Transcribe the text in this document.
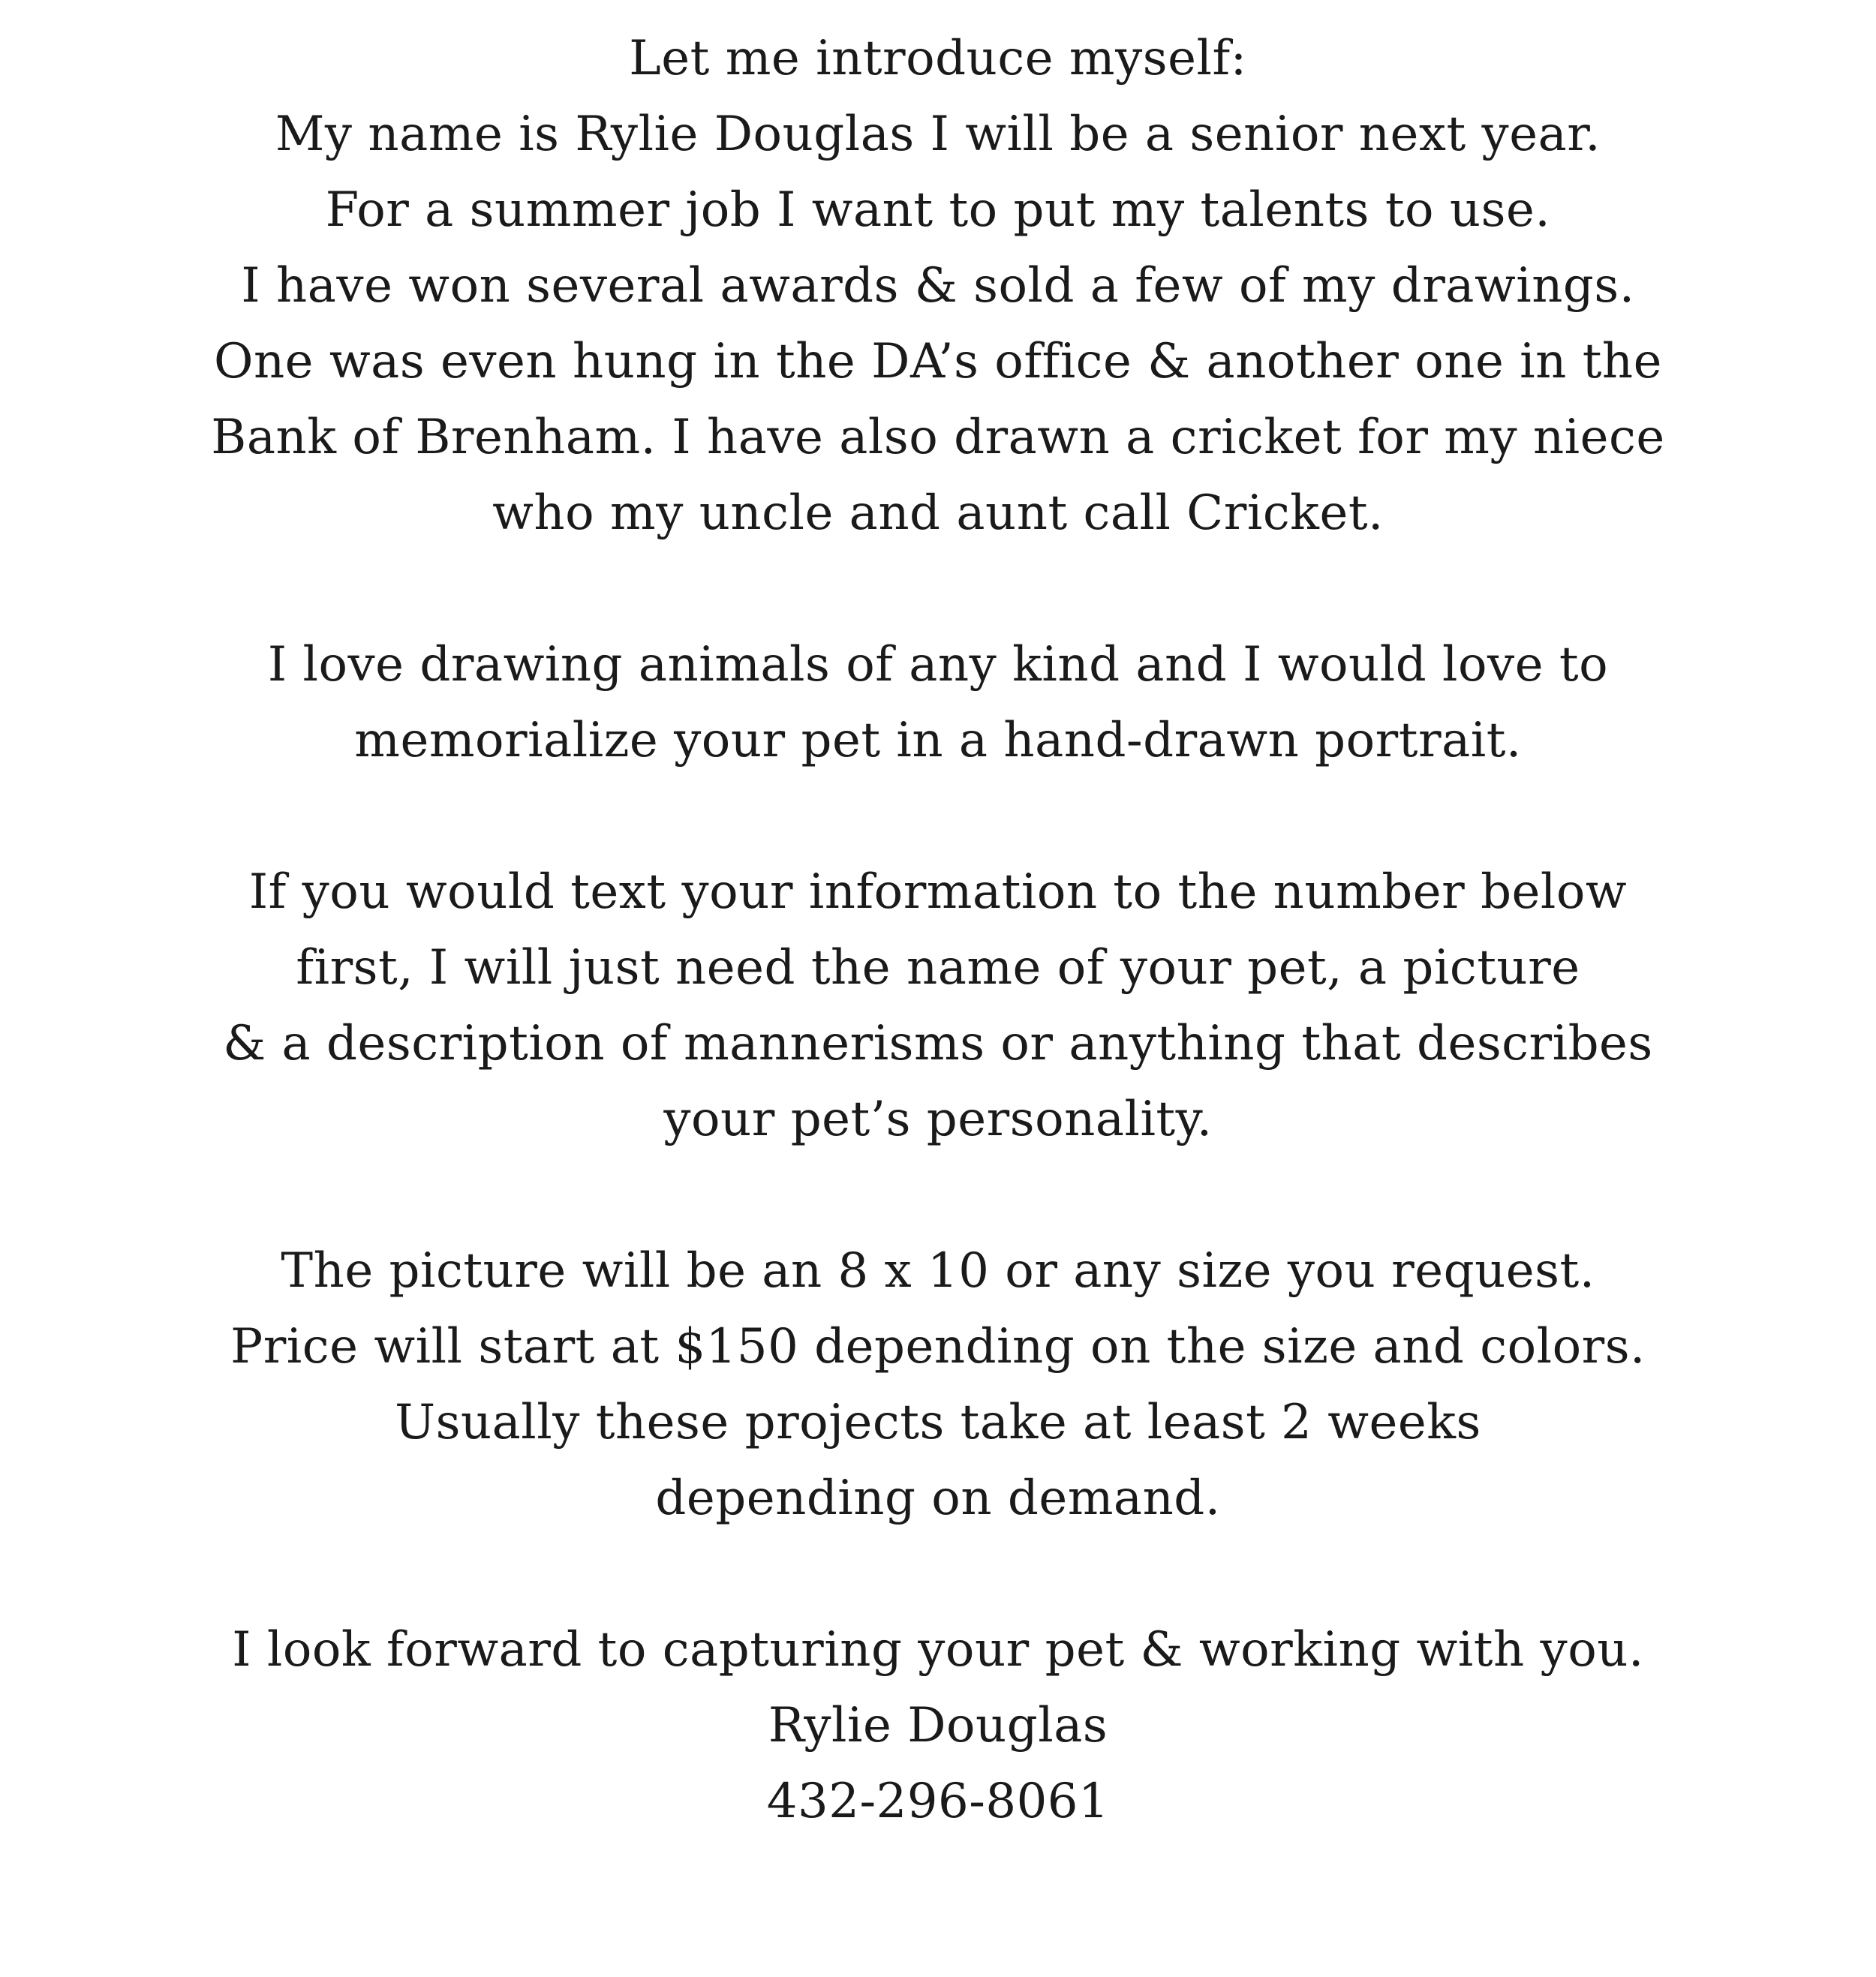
Let me introduce myself:
My name is Rylie Douglas I will be a senior next year.
For a summer job I want to put my talents to use.
I have won several awards & sold a few of my drawings.
One was even hung in the DA’s office & another one in the
Bank of Brenham. I have also drawn a cricket for my niece
who my uncle and aunt call Cricket.
I love drawing animals of any kind and I would love to
memorialize your pet in a hand-drawn portrait.
If you would text your information to the number below
first, I will just need the name of your pet, a picture
& a description of mannerisms or anything that describes
your pet’s personality.
The picture will be an 8 x 10 or any size you request.
Price will start at $150 depending on the size and colors.
Usually these projects take at least 2 weeks
depending on demand.
I look forward to capturing your pet & working with you.
Rylie Douglas
432-296-8061
